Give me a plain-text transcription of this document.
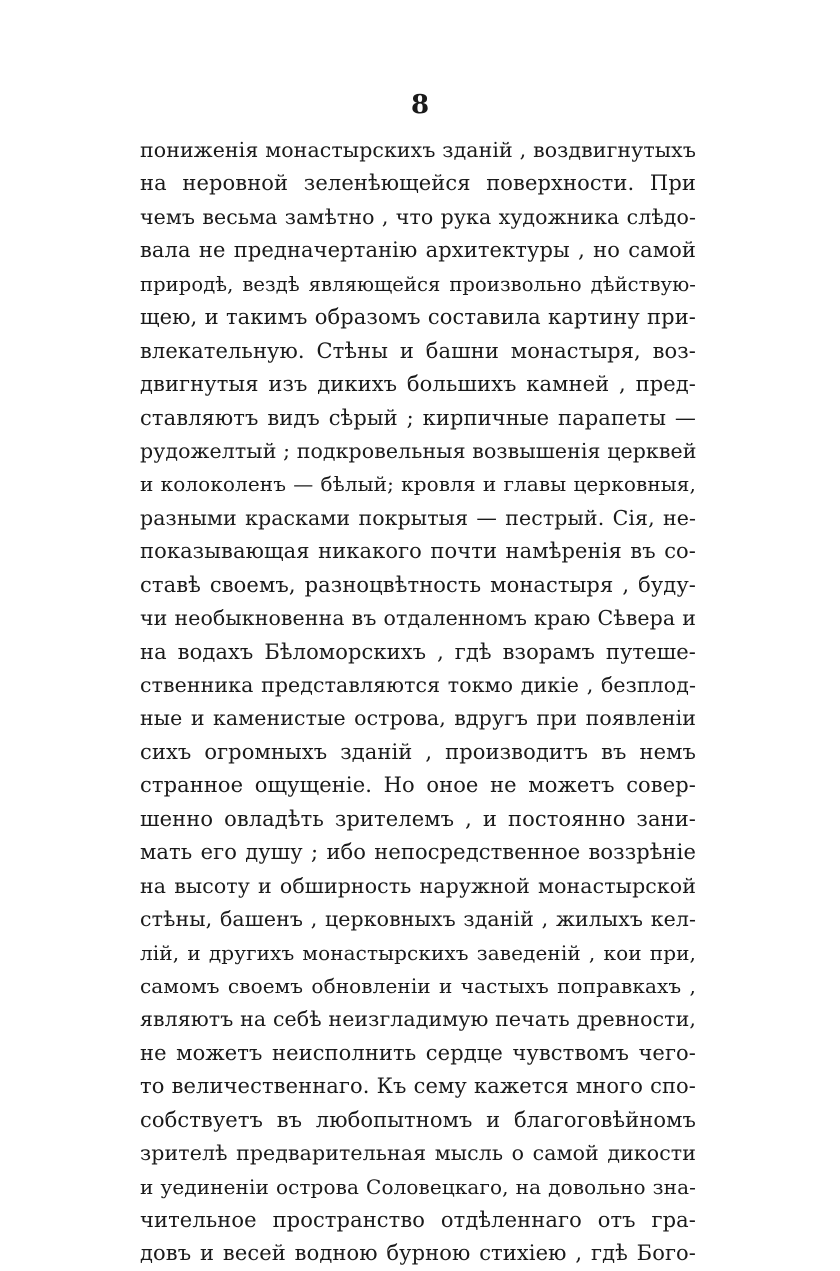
8
пониженія монастырскихъ зданій , воздвигнутыхъ
на неровной зеленѣющейся поверхности. При
чемъ весьма замѣтно , что рука художника слѣдо-
вала не предначертанію архитектуры , но самой
природѣ, вездѣ являющейся произвольно дѣйствую-
щею, и такимъ образомъ составила картину при-
влекательную. Стѣны и башни монастыря, воз-
двигнутыя изъ дикихъ большихъ камней , пред-
ставляютъ видъ сѣрый ; кирпичные парапеты —
рудожелтый ; подкровельныя возвышенія церквей
и колоколенъ — бѣлый; кровля и главы церковныя,
разными красками покрытыя — пестрый. Сія, не-
показывающая никакого почти намѣренія въ со-
ставѣ своемъ, разноцвѣтность монастыря , буду-
чи необыкновенна въ отдаленномъ краю Сѣвера и
на водахъ Бѣломорскихъ , гдѣ взорамъ путеше-
ственника представляются токмо дикіе , безплод-
ные и каменистые острова, вдругъ при появленіи
сихъ огромныхъ зданій , производитъ въ немъ
странное ощущеніе. Но оное не можетъ совер-
шенно овладѣть зрителемъ , и постоянно зани-
мать его душу ; ибо непосредственное воззрѣніе
на высоту и обширность наружной монастырской
стѣны, башенъ , церковныхъ зданій , жилыхъ кел-
лій, и другихъ монастырскихъ заведеній , кои при,
самомъ своемъ обновленіи и частыхъ поправкахъ ,
являютъ на себѣ неизгладимую печать древности,
не можетъ неисполнить сердце чувствомъ чего-
то величественнаго. Къ сему кажется много спо-
собствуетъ въ любопытномъ и благоговѣйномъ
зрителѣ предварительная мысль о самой дикости
и уединеніи острова Соловецкаго, на довольно зна-
чительное пространство отдѣленнаго отъ гра-
довъ и весей водною бурною стихіею , гдѣ Бого-
